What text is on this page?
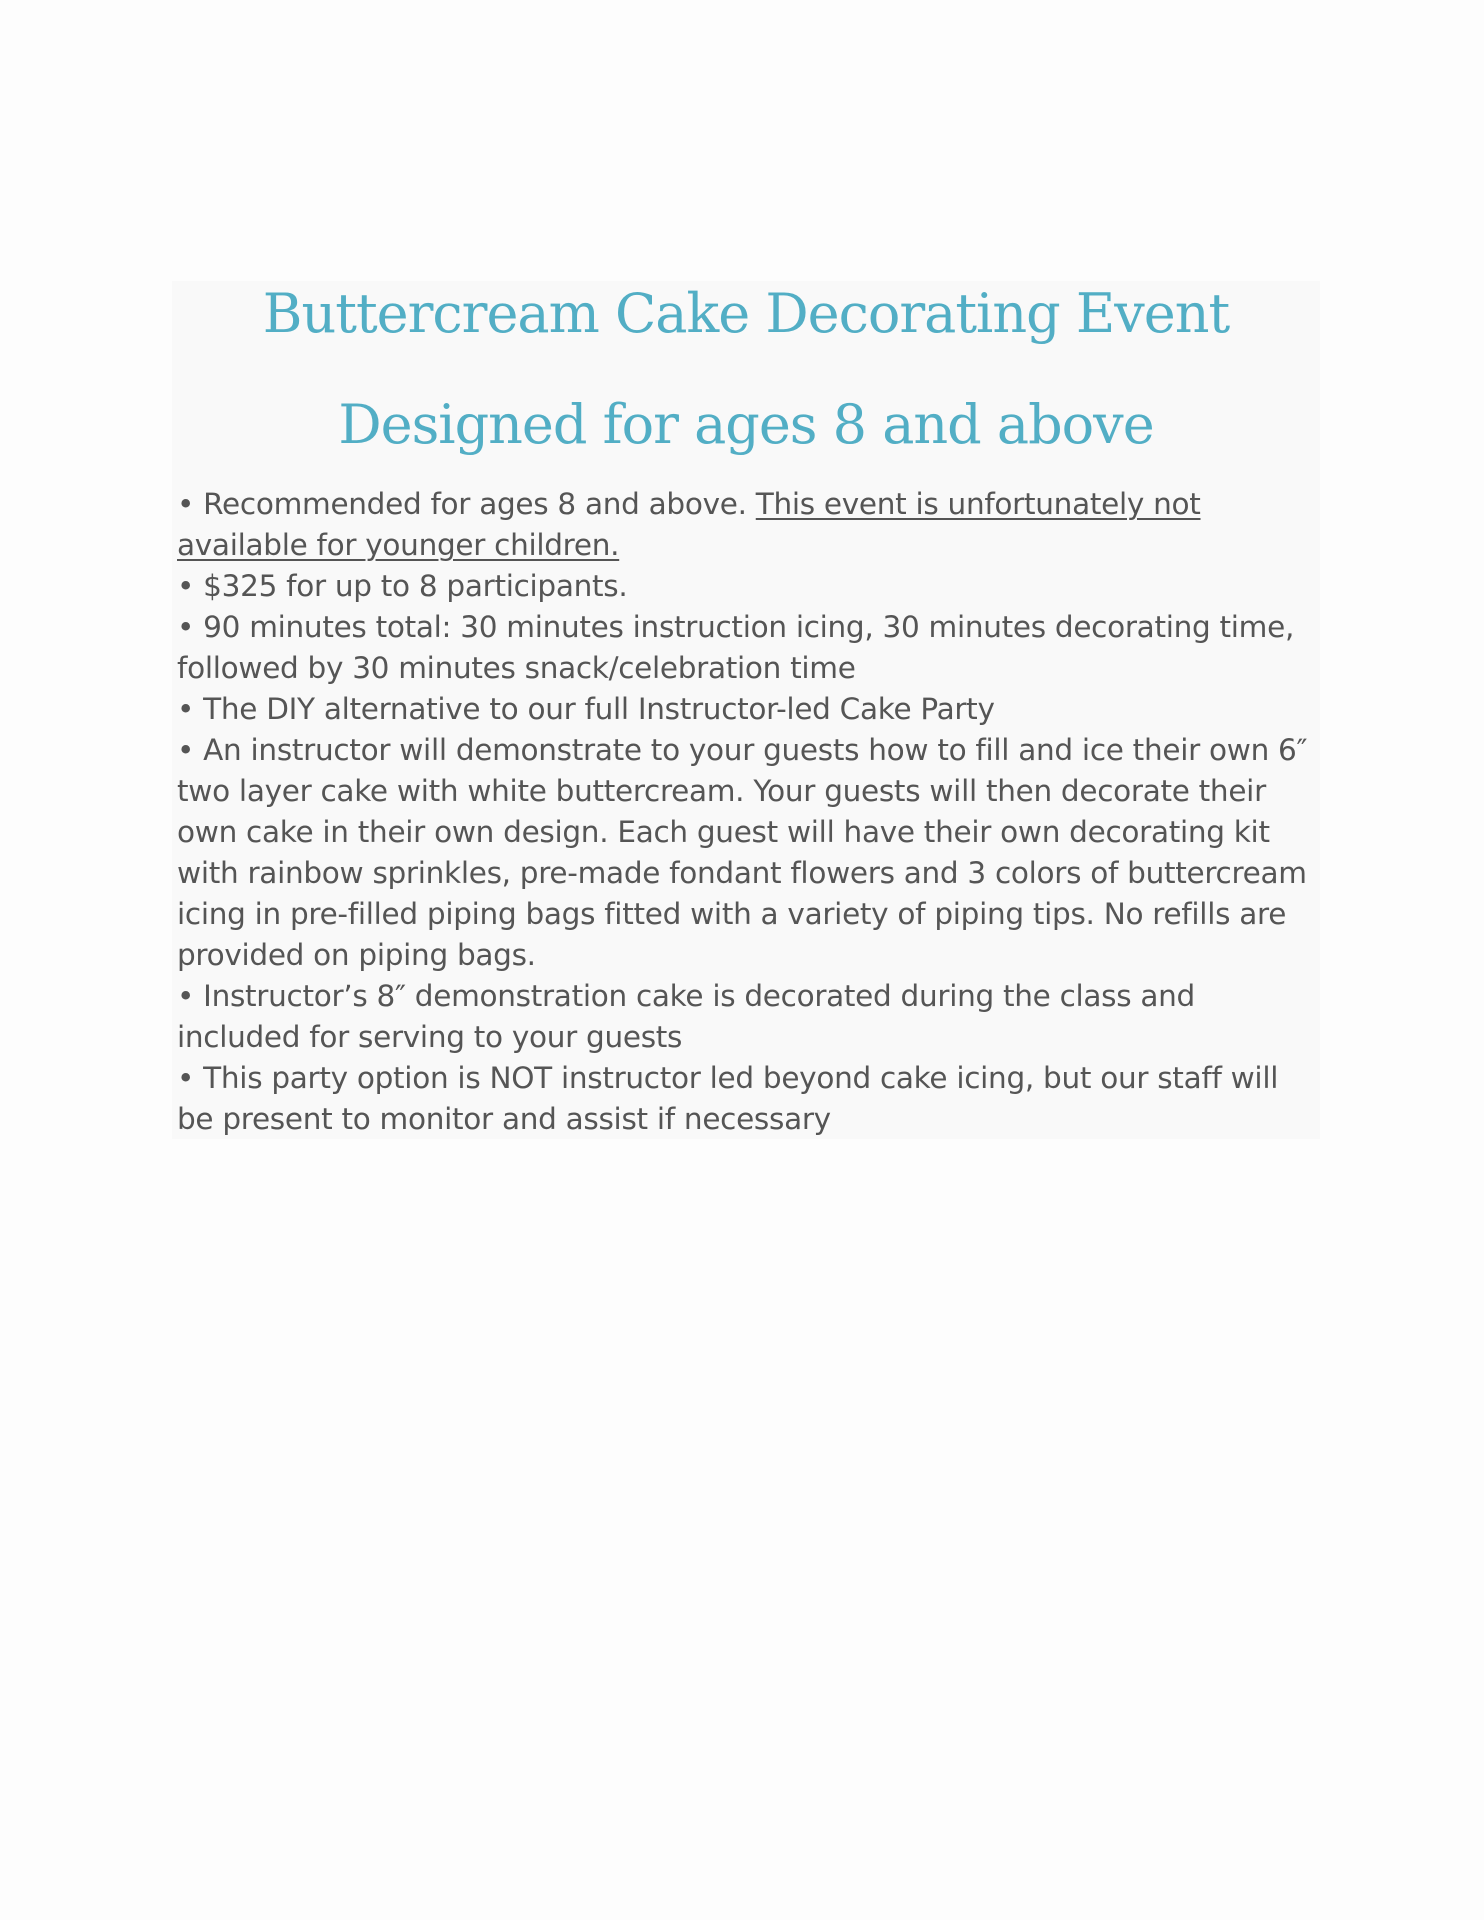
Buttercream Cake Decorating Event
Designed for ages 8 and above

• Recommended for ages 8 and above. This event is unfortunately not available for younger children.

• $325 for up to 8 participants.

• 90 minutes total: 30 minutes instruction icing, 30 minutes decorating time, followed by 30 minutes snack/celebration time

• The DIY alternative to our full Instructor-led Cake Party

• An instructor will demonstrate to your guests how to fill and ice their own 6″ two layer cake with white buttercream. Your guests will then decorate their own cake in their own design. Each guest will have their own decorating kit with rainbow sprinkles, pre-made fondant flowers and 3 colors of buttercream icing in pre-filled piping bags fitted with a variety of piping tips. No refills are provided on piping bags.

• Instructor’s 8″ demonstration cake is decorated during the class and included for serving to your guests

• This party option is NOT instructor led beyond cake icing, but our staff will be present to monitor and assist if necessary
